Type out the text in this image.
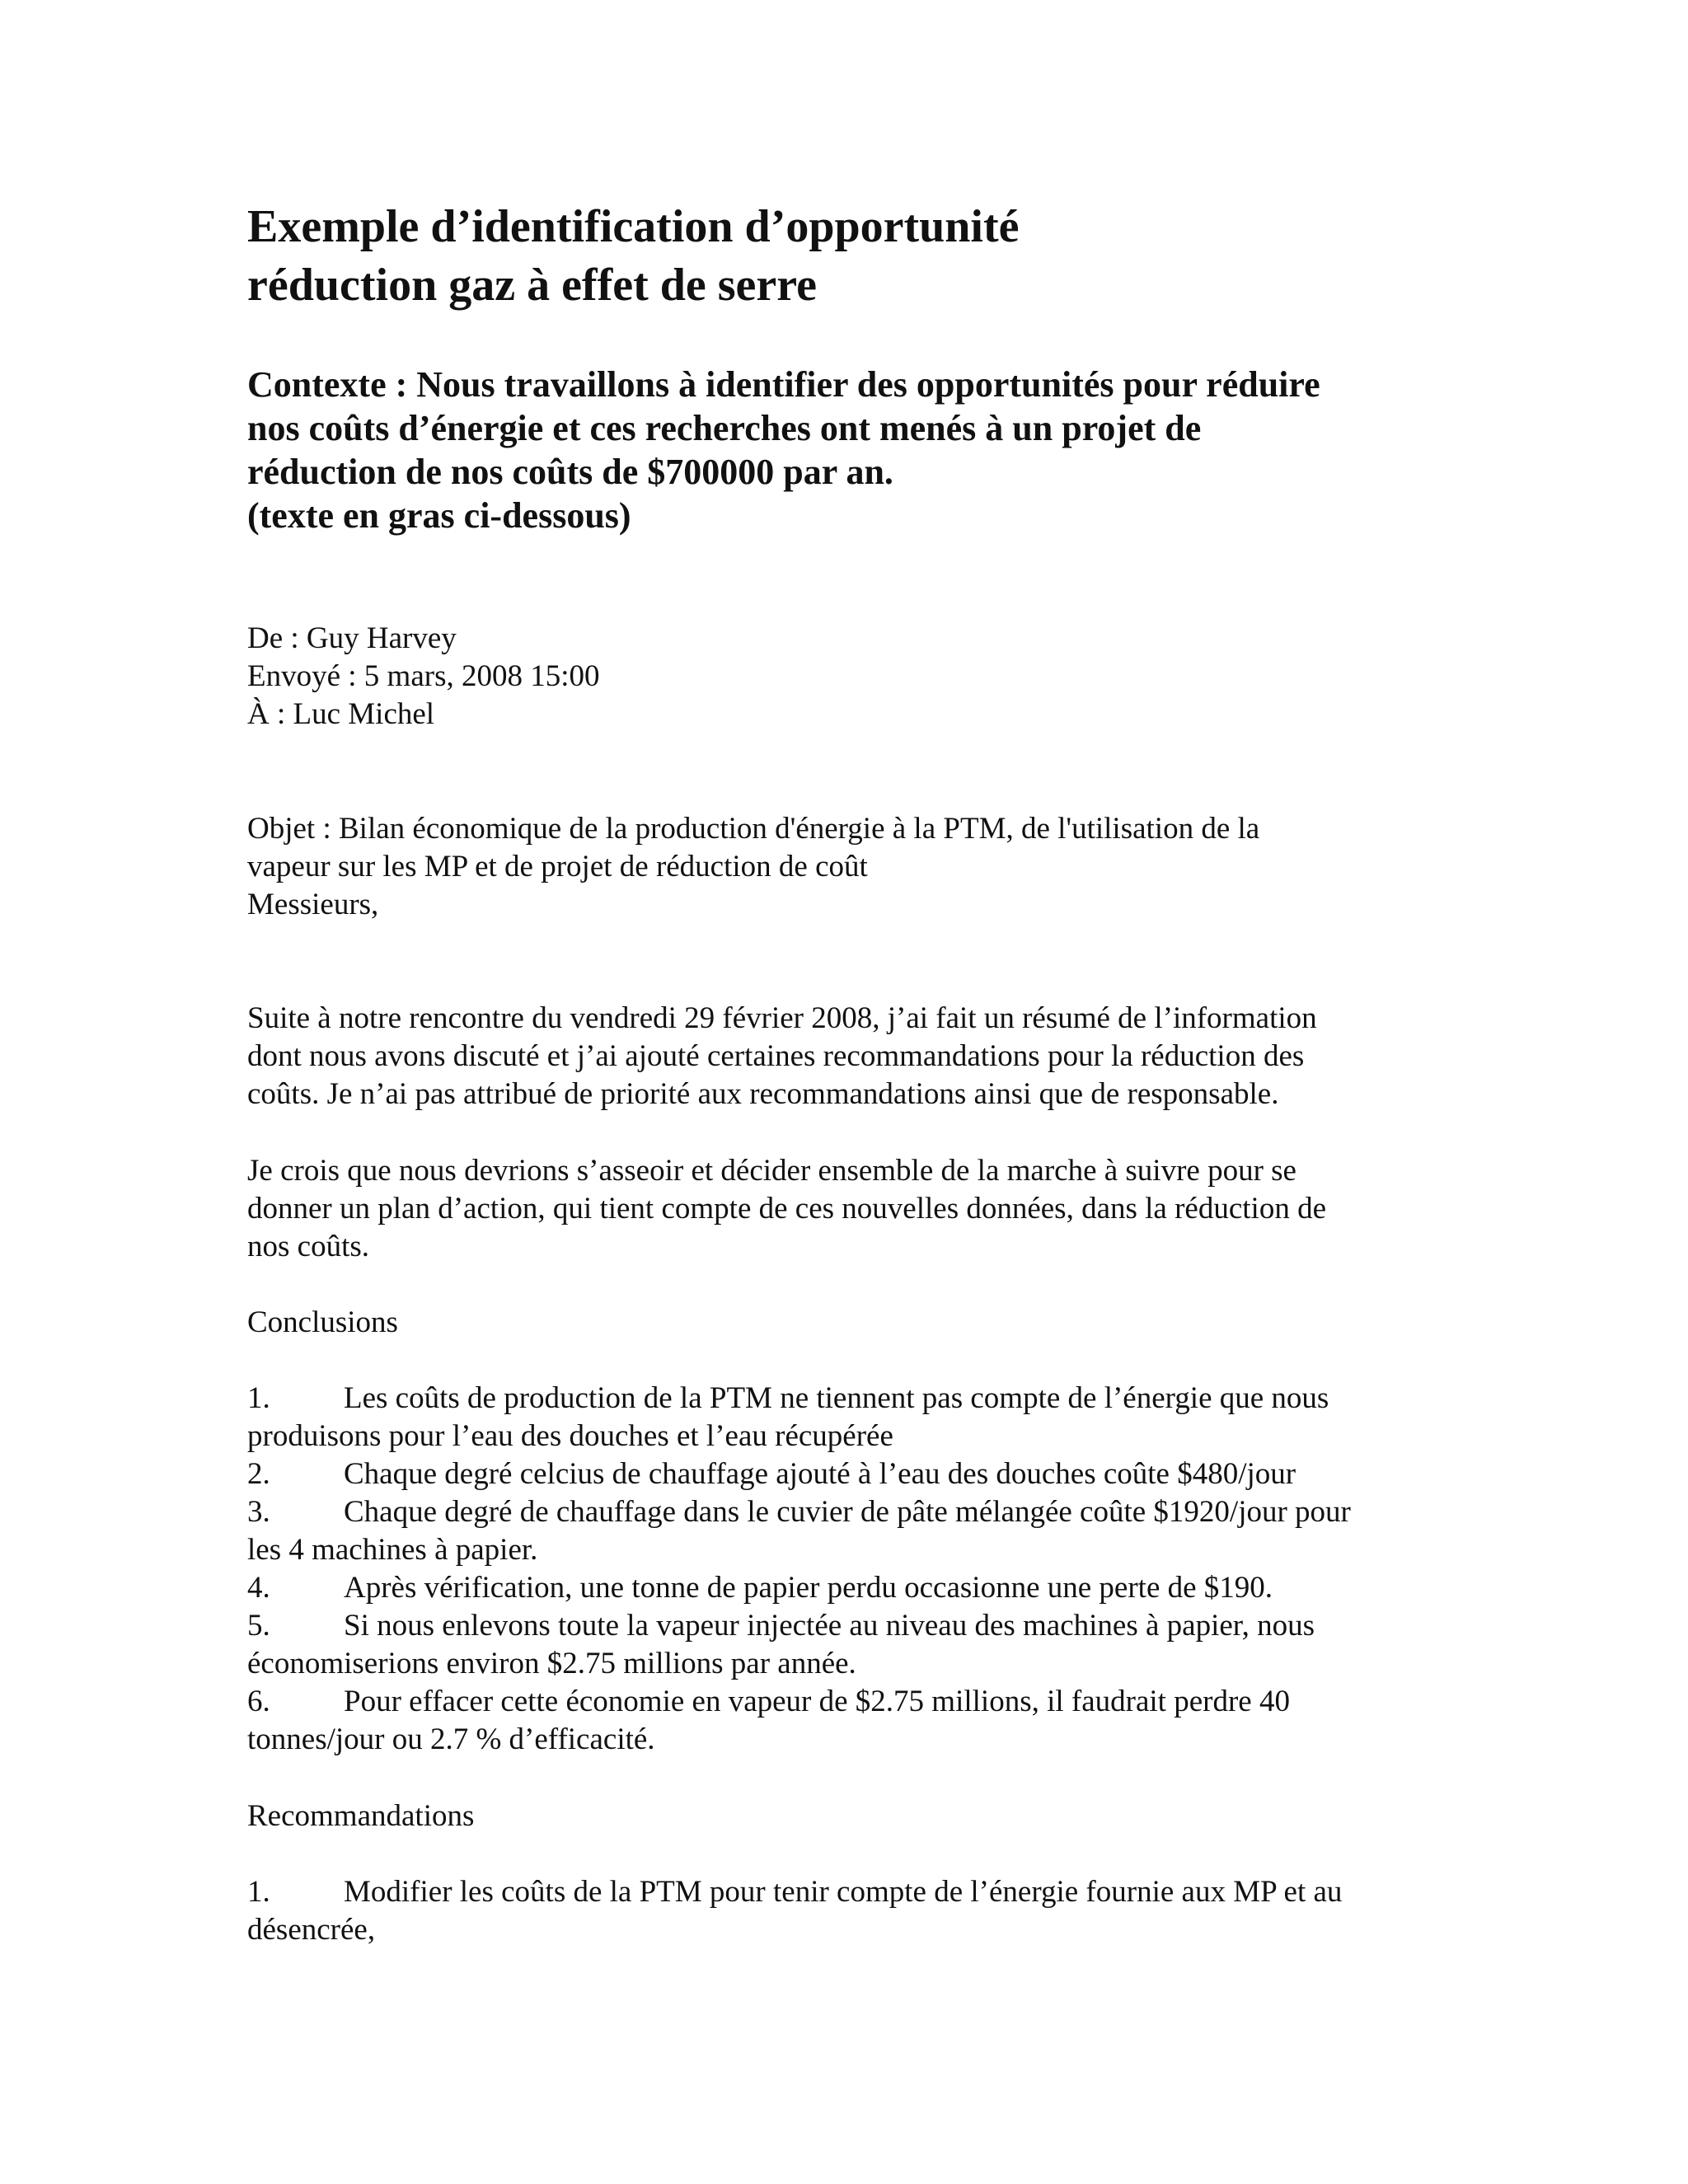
Exemple d’identification d’opportunité
réduction gaz à effet de serre
Contexte : Nous travaillons à identifier des opportunités pour réduire
nos coûts d’énergie et ces recherches ont menés à un projet de
réduction de nos coûts de $700000 par an.
(texte en gras ci-dessous)
De : Guy Harvey
Envoyé : 5 mars, 2008 15:00
À : Luc Michel
Objet : Bilan économique de la production d'énergie à la PTM, de l'utilisation de la
vapeur sur les MP et de projet de réduction de coût
Messieurs,
Suite à notre rencontre du vendredi 29 février 2008, j’ai fait un résumé de l’information
dont nous avons discuté et j’ai ajouté certaines recommandations pour la réduction des
coûts. Je n’ai pas attribué de priorité aux recommandations ainsi que de responsable.
Je crois que nous devrions s’asseoir et décider ensemble de la marche à suivre pour se
donner un plan d’action, qui tient compte de ces nouvelles données, dans la réduction de
nos coûts.
Conclusions
1. Les coûts de production de la PTM ne tiennent pas compte de l’énergie que nous
produisons pour l’eau des douches et l’eau récupérée
2. Chaque degré celcius de chauffage ajouté à l’eau des douches coûte $480/jour
3. Chaque degré de chauffage dans le cuvier de pâte mélangée coûte $1920/jour pour
les 4 machines à papier.
4. Après vérification, une tonne de papier perdu occasionne une perte de $190.
5. Si nous enlevons toute la vapeur injectée au niveau des machines à papier, nous
économiserions environ $2.75 millions par année.
6. Pour effacer cette économie en vapeur de $2.75 millions, il faudrait perdre 40
tonnes/jour ou 2.7 % d’efficacité.
Recommandations
1. Modifier les coûts de la PTM pour tenir compte de l’énergie fournie aux MP et au
désencrée,
